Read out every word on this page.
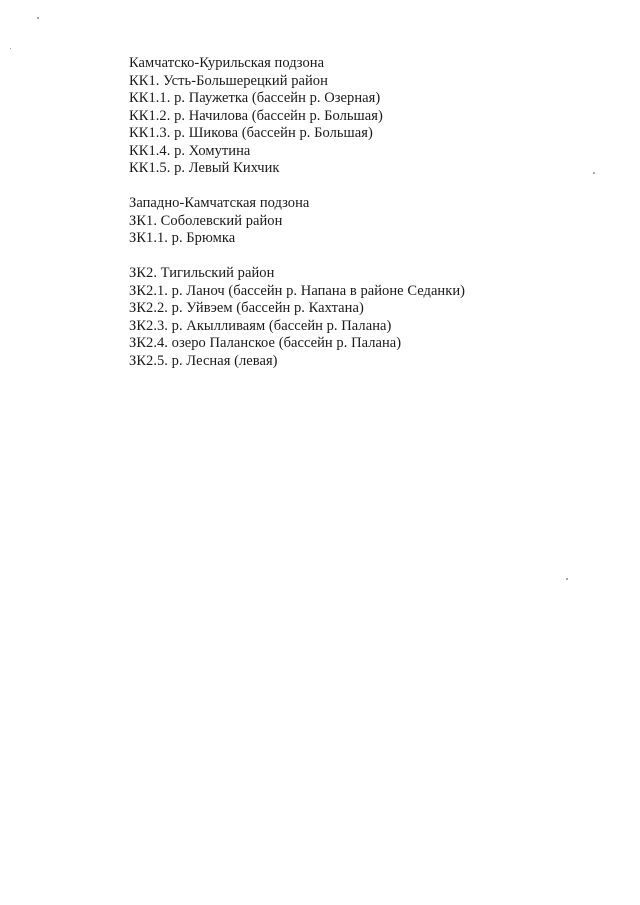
Камчатско-Курильская подзона
КК1. Усть-Большерецкий район
КК1.1. р. Паужетка (бассейн р. Озерная)
КК1.2. р. Начилова (бассейн р. Большая)
КК1.3. р. Шикова (бассейн р. Большая)
КК1.4. р. Хомутина
КК1.5. р. Левый Кихчик
Западно-Камчатская подзона
ЗК1. Соболевский район
ЗК1.1. р. Брюмка
ЗК2. Тигильский район
ЗК2.1. р. Ланоч (бассейн р. Напана в районе Седанки)
ЗК2.2. р. Уйвэем (бассейн р. Кахтана)
ЗК2.3. р. Акылливаям (бассейн р. Палана)
ЗК2.4. озеро Паланское (бассейн р. Палана)
ЗК2.5. р. Лесная (левая)
